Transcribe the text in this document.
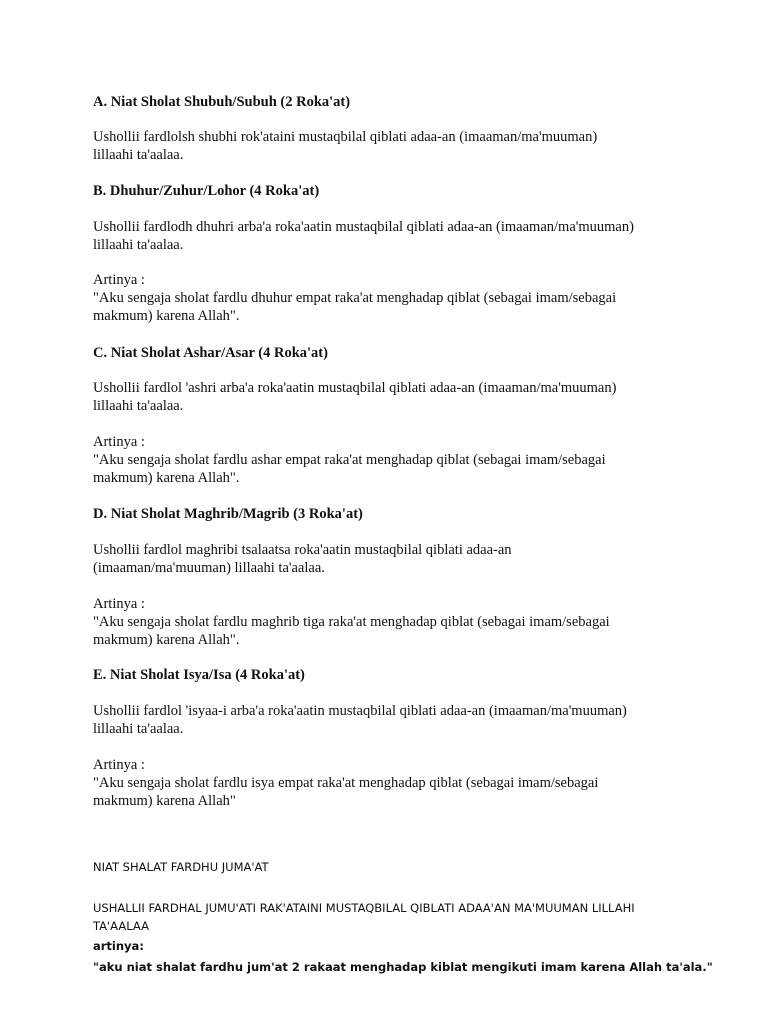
A. Niat Sholat Shubuh/Subuh (2 Roka'at)
Ushollii fardlolsh shubhi rok'ataini mustaqbilal qiblati adaa-an (imaaman/ma'muuman)
lillaahi ta'aalaa.
B. Dhuhur/Zuhur/Lohor (4 Roka'at)
Ushollii fardlodh dhuhri arba'a roka'aatin mustaqbilal qiblati adaa-an (imaaman/ma'muuman)
lillaahi ta'aalaa.
Artinya :
"Aku sengaja sholat fardlu dhuhur empat raka'at menghadap qiblat (sebagai imam/sebagai
makmum) karena Allah".
C. Niat Sholat Ashar/Asar (4 Roka'at)
Ushollii fardlol 'ashri arba'a roka'aatin mustaqbilal qiblati adaa-an (imaaman/ma'muuman)
lillaahi ta'aalaa.
Artinya :
"Aku sengaja sholat fardlu ashar empat raka'at menghadap qiblat (sebagai imam/sebagai
makmum) karena Allah".
D. Niat Sholat Maghrib/Magrib (3 Roka'at)
Ushollii fardlol maghribi tsalaatsa roka'aatin mustaqbilal qiblati adaa-an
(imaaman/ma'muuman) lillaahi ta'aalaa.
Artinya :
"Aku sengaja sholat fardlu maghrib tiga raka'at menghadap qiblat (sebagai imam/sebagai
makmum) karena Allah".
E. Niat Sholat Isya/Isa (4 Roka'at)
Ushollii fardlol 'isyaa-i arba'a roka'aatin mustaqbilal qiblati adaa-an (imaaman/ma'muuman)
lillaahi ta'aalaa.
Artinya :
"Aku sengaja sholat fardlu isya empat raka'at menghadap qiblat (sebagai imam/sebagai
makmum) karena Allah"
NIAT SHALAT FARDHU JUMA'AT
USHALLII FARDHAL JUMU'ATI RAK'ATAINI MUSTAQBILAL QIBLATI ADAA'AN MA'MUUMAN LILLAHI
TA'AALAA
artinya:
"aku niat shalat fardhu jum'at 2 rakaat menghadap kiblat mengikuti imam karena Allah ta'ala."
